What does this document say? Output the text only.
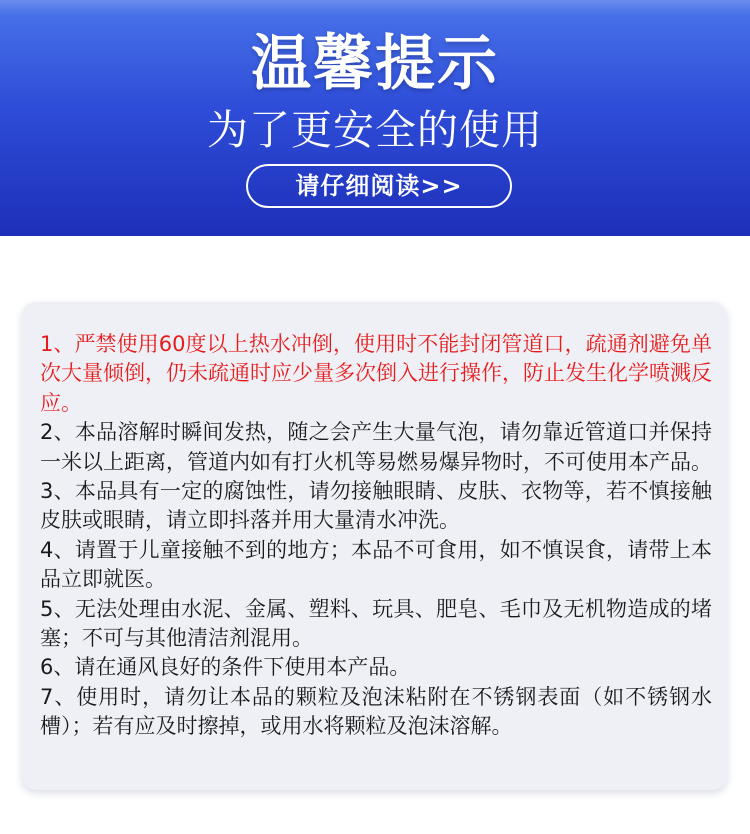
温馨提示
为了更安全的使用
请仔细阅读>>
1、严禁使用60度以上热水冲倒，使用时不能封闭管道口，疏通剂避免单次大量倾倒，仍未疏通时应少量多次倒入进行操作，防止发生化学喷溅反应。
2、本品溶解时瞬间发热，随之会产生大量气泡，请勿靠近管道口并保持一米以上距离，管道内如有打火机等易燃易爆异物时，不可使用本产品。
3、本品具有一定的腐蚀性，请勿接触眼睛、皮肤、衣物等，若不慎接触皮肤或眼睛，请立即抖落并用大量清水冲洗。
4、请置于儿童接触不到的地方；本品不可食用，如不慎误食，请带上本品立即就医。
5、无法处理由水泥、金属、塑料、玩具、肥皂、毛巾及无机物造成的堵塞；不可与其他清洁剂混用。
6、请在通风良好的条件下使用本产品。
7、使用时，请勿让本品的颗粒及泡沫粘附在不锈钢表面（如不锈钢水槽）；若有应及时擦掉，或用水将颗粒及泡沫溶解。
